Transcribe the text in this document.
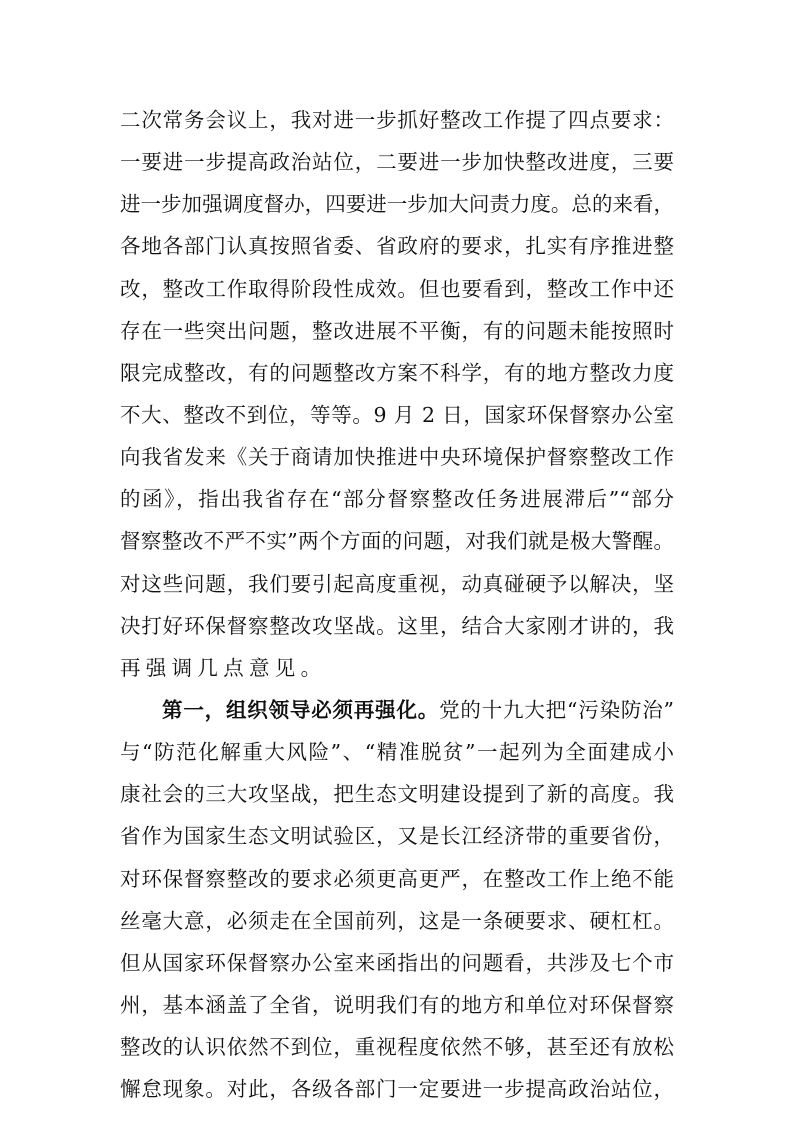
二次常务会议上，我对进一步抓好整改工作提了四点要求：
一要进一步提高政治站位，二要进一步加快整改进度，三要
进一步加强调度督办，四要进一步加大问责力度。总的来看，
各地各部门认真按照省委、省政府的要求，扎实有序推进整
改，整改工作取得阶段性成效。但也要看到，整改工作中还
存在一些突出问题，整改进展不平衡，有的问题未能按照时
限完成整改，有的问题整改方案不科学，有的地方整改力度
不大、整改不到位，等等。9 月 2 日，国家环保督察办公室
向我省发来《关于商请加快推进中央环境保护督察整改工作
的函》，指出我省存在“部分督察整改任务进展滞后”“部分
督察整改不严不实”两个方面的问题，对我们就是极大警醒。
对这些问题，我们要引起高度重视，动真碰硬予以解决，坚
决打好环保督察整改攻坚战。这里，结合大家刚才讲的，我
再强调几点意见。
第一，组织领导必须再强化。党的十九大把“污染防治”
与“防范化解重大风险”、“精准脱贫”一起列为全面建成小
康社会的三大攻坚战，把生态文明建设提到了新的高度。我
省作为国家生态文明试验区，又是长江经济带的重要省份，
对环保督察整改的要求必须更高更严，在整改工作上绝不能
丝毫大意，必须走在全国前列，这是一条硬要求、硬杠杠。
但从国家环保督察办公室来函指出的问题看，共涉及七个市
州，基本涵盖了全省，说明我们有的地方和单位对环保督察
整改的认识依然不到位，重视程度依然不够，甚至还有放松
懈怠现象。对此，各级各部门一定要进一步提高政治站位，
